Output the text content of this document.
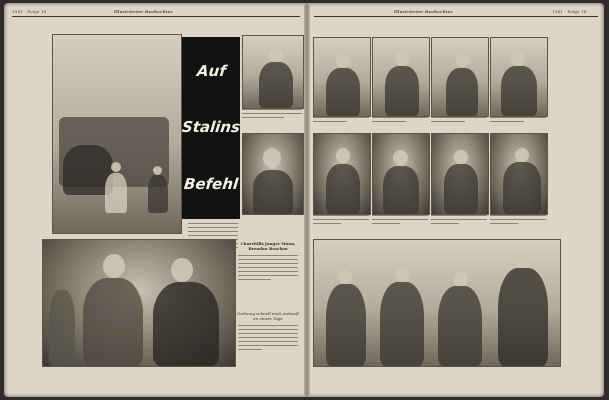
1941 · Folge 18	Illustrierter Beobachter	Illustrierter Beobachter	1941 · Folge 18
Auf
Stalins
Befehl
Churchills junger Mann, Brendan Bracken
Ordnung schnell nach Ankunft an einem Tage
